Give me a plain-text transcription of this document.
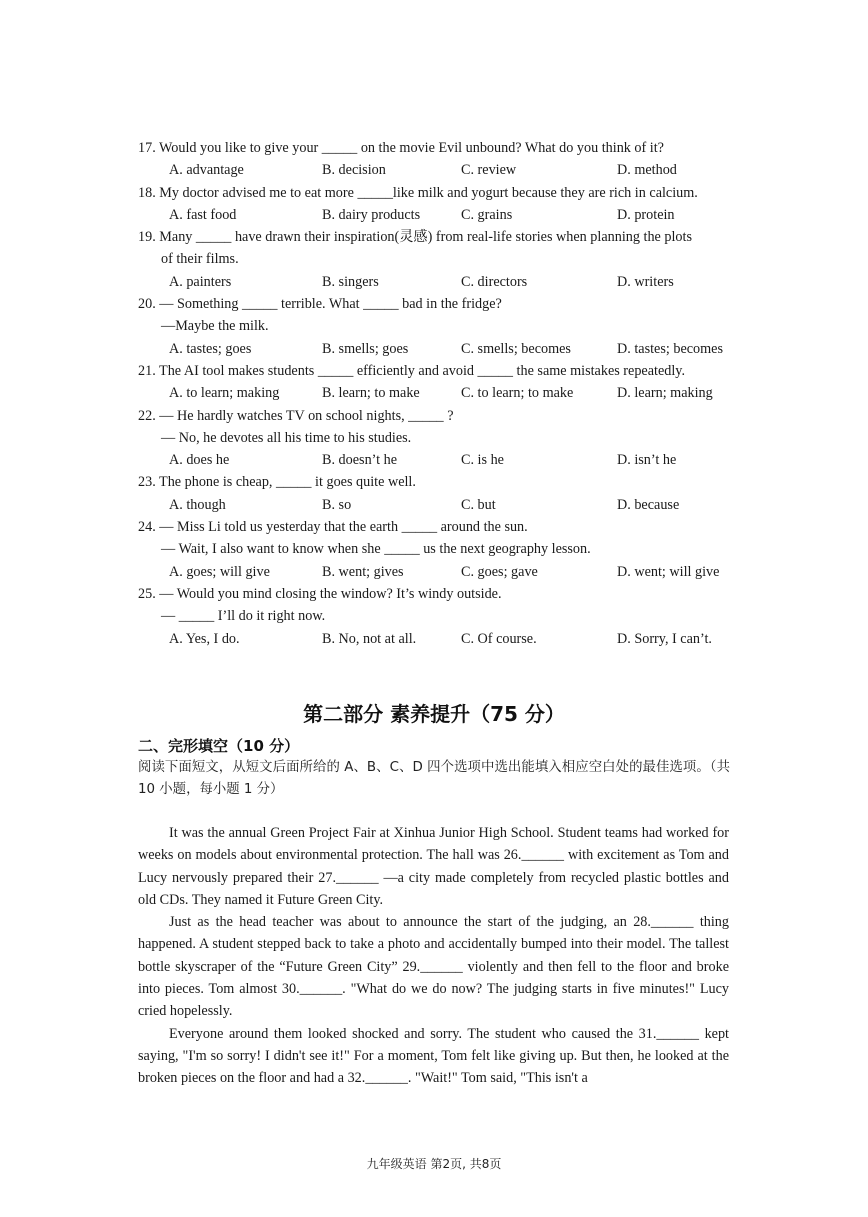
17. Would you like to give your _____ on the movie Evil unbound? What do you think of it?
A. advantage	B. decision	C. review	D. method
18. My doctor advised me to eat more _____like milk and yogurt because they are rich in calcium.
A. fast food	B. dairy products	C. grains	D. protein
19. Many _____ have drawn their inspiration(灵感) from real-life stories when planning the plots
of their films.
A. painters	B. singers	C. directors	D. writers
20. — Something _____ terrible. What _____ bad in the fridge?
—Maybe the milk.
A. tastes; goes	B. smells; goes	C. smells; becomes	D. tastes; becomes
21. The AI tool makes students _____ efficiently and avoid _____ the same mistakes repeatedly.
A. to learn; making	B. learn; to make	C. to learn; to make	D. learn; making
22. — He hardly watches TV on school nights, _____ ?
— No, he devotes all his time to his studies.
A. does he	B. doesn’t he	C. is he	D. isn’t he
23. The phone is cheap, _____ it goes quite well.
A. though	B. so	C. but	D. because
24. — Miss Li told us yesterday that the earth _____ around the sun.
— Wait, I also want to know when she _____ us the next geography lesson.
A. goes; will give	B. went; gives	C. goes; gave	D. went; will give
25. — Would you mind closing the window? It’s windy outside.
— _____ I’ll do it right now.
A. Yes, I do.	B. No, not at all.	C. Of course.	D. Sorry, I can’t.
第二部分 素养提升（75 分）
二、完形填空（10 分）
阅读下面短文，从短文后面所给的 A、B、C、D 四个选项中选出能填入相应空白处的最佳选项。（共 10 小题，每小题 1 分）

It was the annual Green Project Fair at Xinhua Junior High School. Student teams had worked for weeks on models about environmental protection. The hall was 26.______ with excitement as Tom and Lucy nervously prepared their 27.______ —a city made completely from recycled plastic bottles and old CDs. They named it Future Green City.

Just as the head teacher was about to announce the start of the judging, an 28.______ thing happened. A student stepped back to take a photo and accidentally bumped into their model. The tallest bottle skyscraper of the “Future Green City” 29.______ violently and then fell to the floor and broke into pieces. Tom almost 30.______. "What do we do now? The judging starts in five minutes!" Lucy cried hopelessly.

Everyone around them looked shocked and sorry. The student who caused the 31.______ kept saying, "I'm so sorry! I didn't see it!" For a moment, Tom felt like giving up. But then, he looked at the broken pieces on the floor and had a 32.______. "Wait!" Tom said, "This isn't a

九年级英语 第2页, 共8页
